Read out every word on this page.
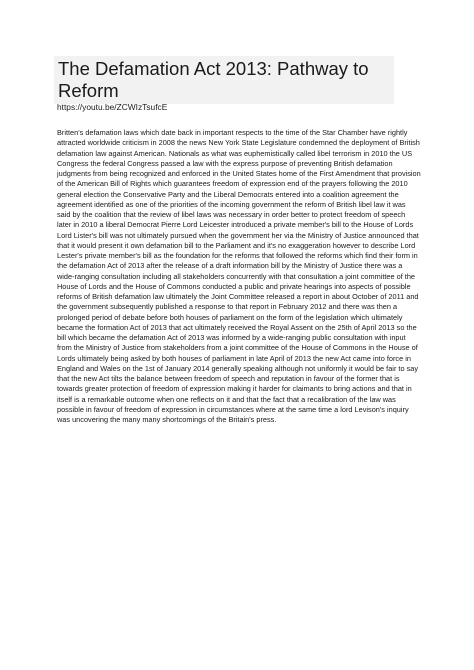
The Defamation Act 2013: Pathway to Reform
https://youtu.be/ZCWIzTsufcE

Britten's defamation laws which date back in important respects to the time of the Star Chamber have rightly attracted worldwide criticism in 2008 the news New York State Legislature condemned the deployment of British defamation law against American. Nationals as what was euphemistically called libel terrorism in 2010 the US Congress the federal Congress passed a law with the express purpose of preventing British defamation judgments from being recognized and enforced in the United States home of the First Amendment that provision of the American Bill of Rights which guarantees freedom of expression end of the prayers following the 2010 general election the Conservative Party and the Liberal Democrats entered into a coalition agreement the agreement identified as one of the priorities of the incoming government the reform of British libel law it was said by the coalition that the review of libel laws was necessary in order better to protect freedom of speech later in 2010 a liberal Democrat Pierre Lord Leicester introduced a private member's bill to the House of Lords Lord Lister's bill was not ultimately pursued when the government her via the Ministry of Justice announced that that it would present it own defamation bill to the Parliament and it's no exaggeration however to describe Lord Lester's private member's bill as the foundation for the reforms that followed the reforms which find their form in the defamation Act of 2013 after the release of a draft information bill by the Ministry of Justice there was a wide-ranging consultation including all stakeholders concurrently with that consultation a joint committee of the House of Lords and the House of Commons conducted a public and private hearings into aspects of possible reforms of British defamation law ultimately the Joint Committee released a report in about October of 2011 and the government subsequently published a response to that report in February 2012 and there was then a prolonged period of debate before both houses of parliament on the form of the legislation which ultimately became the formation Act of 2013 that act ultimately received the Royal Assent on the 25th of April 2013 so the bill which became the defamation Act of 2013 was informed by a wide-ranging public consultation with input from the Ministry of Justice from stakeholders from a joint committee of the House of Commons in the House of Lords ultimately being asked by both houses of parliament in late April of 2013 the new Act came into force in England and Wales on the 1st of January 2014 generally speaking although not uniformly it would be fair to say that the new Act tilts the balance between freedom of speech and reputation in favour of the former that is towards greater protection of freedom of expression making it harder for claimants to bring actions and that in itself is a remarkable outcome when one reflects on it and that the fact that a recalibration of the law was possible in favour of freedom of expression in circumstances where at the same time a lord Levison's inquiry was uncovering the many many shortcomings of the Britain's press.
